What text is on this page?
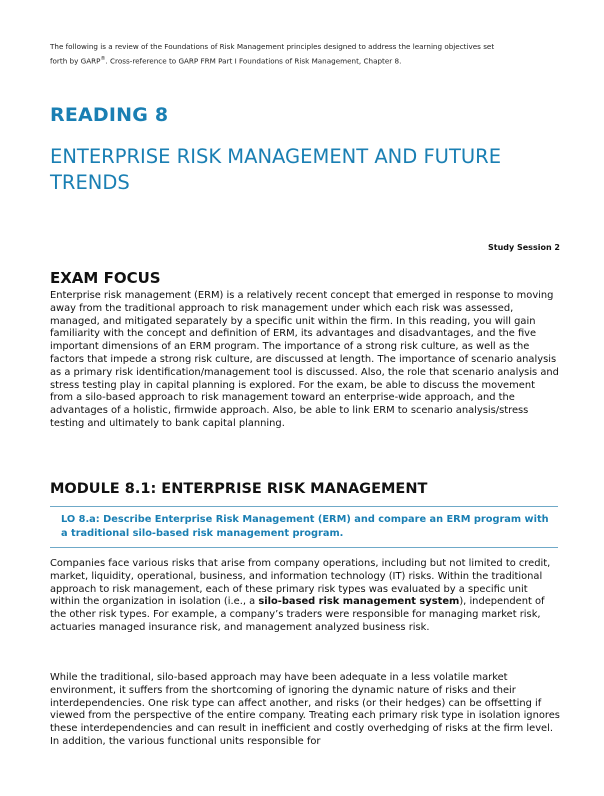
The following is a review of the Foundations of Risk Management principles designed to address the learning objectives set
forth by GARP®. Cross-reference to GARP FRM Part I Foundations of Risk Management, Chapter 8.
READING 8
ENTERPRISE RISK MANAGEMENT AND FUTURE
TRENDS
Study Session 2
EXAM FOCUS

Enterprise risk management (ERM) is a relatively recent concept that emerged in response to moving away from the traditional approach to risk management under which each risk was assessed, managed, and mitigated separately by a specific unit within the firm. In this reading, you will gain familiarity with the concept and definition of ERM, its advantages and disadvantages, and the five important dimensions of an ERM program. The importance of a strong risk culture, as well as the factors that impede a strong risk culture, are discussed at length. The importance of scenario analysis as a primary risk identification/management tool is discussed. Also, the role that scenario analysis and stress testing play in capital planning is explored. For the exam, be able to discuss the movement from a silo-based approach to risk management toward an enterprise-wide approach, and the advantages of a holistic, firmwide approach. Also, be able to link ERM to scenario analysis/stress testing and ultimately to bank capital planning.

MODULE 8.1: ENTERPRISE RISK MANAGEMENT

LO 8.a: Describe Enterprise Risk Management (ERM) and compare an ERM program with a traditional silo-based risk management program.

Companies face various risks that arise from company operations, including but not limited to credit, market, liquidity, operational, business, and information technology (IT) risks. Within the traditional approach to risk management, each of these primary risk types was evaluated by a specific unit within the organization in isolation (i.e., a silo-based risk management system), independent of the other risk types. For example, a company’s traders were responsible for managing market risk, actuaries managed insurance risk, and management analyzed business risk.

While the traditional, silo-based approach may have been adequate in a less volatile market environment, it suffers from the shortcoming of ignoring the dynamic nature of risks and their interdependencies. One risk type can affect another, and risks (or their hedges) can be offsetting if viewed from the perspective of the entire company. Treating each primary risk type in isolation ignores these interdependencies and can result in inefficient and costly overhedging of risks at the firm level. In addition, the various functional units responsible for
